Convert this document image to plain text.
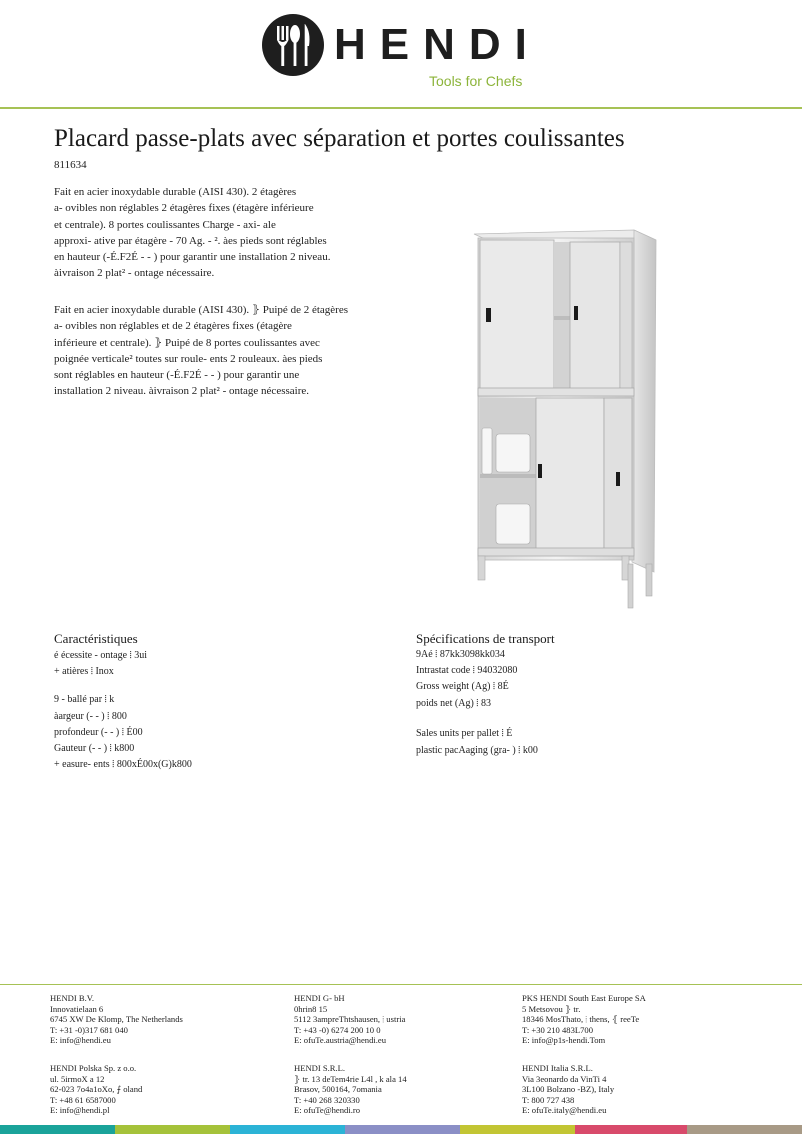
HENDI
Tools for Chefs
Placard passe-plats avec séparation et portes coulissantes
811634
Fait en acier inoxydable durable (AISI 430). 2 étagères
a- ovibles non réglables 2 étagères fixes (étagère inférieure
et centrale). 8 portes coulissantes Charge - axi- ale
approxi- ative par étagère - 70 Ag. - ². àes pieds sont réglables
en hauteur (-É.F2É - - ) pour garantir une installation 2 niveau.
àivraison 2 plat² - ontage nécessaire.
Fait en acier inoxydable durable (AISI 430). ⦄ Puipé de 2 étagères
a- ovibles non réglables et de 2 étagères fixes (étagère
inférieure et centrale). ⦄ Puipé de 8 portes coulissantes avec
poignée verticale² toutes sur roule- ents 2 rouleaux. àes pieds
sont réglables en hauteur (-É.F2É - - ) pour garantir une
installation 2 niveau. àivraison 2 plat² - ontage nécessaire.
Caractéristiques
é écessite - ontage ⦙ 3ui
+ atières ⦙ Inox
9 - ballé par ⦙ k
àargeur (- - ) ⦙ 800
profondeur (- - ) ⦙ É00
Gauteur (- - ) ⦙ k800
+ easure- ents ⦙ 800xÉ00x(G)k800
Spécifications de transport
9Aé ⦙ 87kk3098kk034
Intrastat code ⦙ 94032080
Gross weight (Ag) ⦙ 8É
poids net (Ag) ⦙ 83
Sales units per pallet ⦙ É
plastic pacAaging (gra- ) ⦙ k00
HENDI B.V.
Innovatielaan 6
6745 XW De Klomp, The Netherlands
T: +31 -0)317 681 040
E: info@hendi.eu
HENDI Polska Sp. z o.o.
ul. 5irmoX a 12
62-023 7o4a1oXo, ⨍ oland
T: +48 61 6587000
E: info@hendi.pl
HENDI G- bH
0hrin8 15
5112 3ampreThtshausen, ⦙ ustria
T: +43 -0) 6274 200 10 0
E: ofuTe.austria@hendi.eu
HENDI S.R.L.
⦄ tr. 13 deTem4rie L4l , k ala 14
Brasov, 500164, 7omania
T: +40 268 320330
E: ofuTe@hendi.ro
PKS HENDI South East Europe SA
5 Metsovou ⦄ tr.
18346 MosThato, ⦙ thens, ⦃ reeTe
T: +30 210 483L700
E: info@p1s-hendi.Tom
HENDI Italia S.R.L.
Via 3eonardo da VinTi 4
3L100 Bolzano -BZ), Italy
T: 800 727 438
E: ofuTe.italy@hendi.eu
